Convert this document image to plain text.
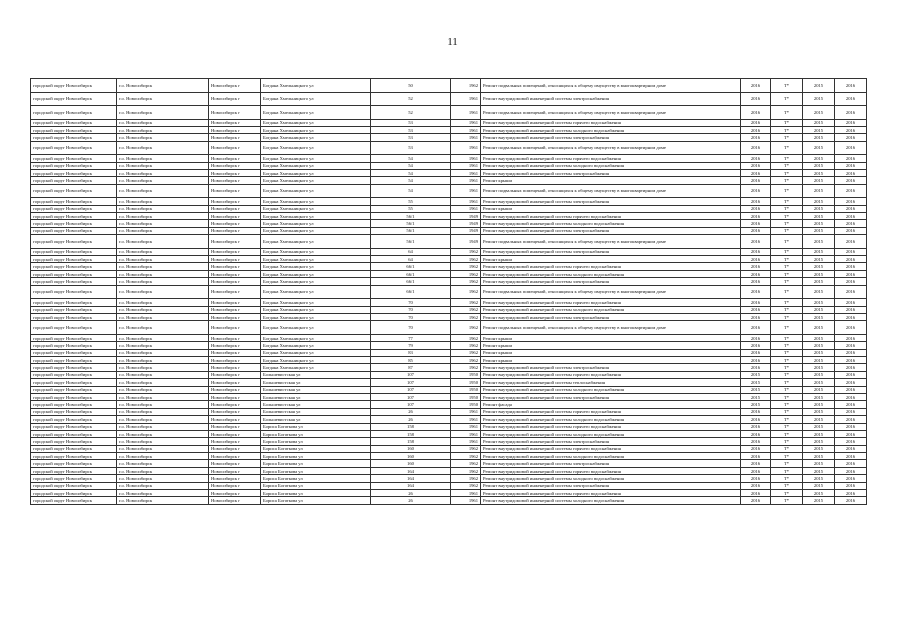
11
городской округ Новосибирск	г.о. Новосибирск	Новосибирск г	Богдана Хмельницкого ул	50	1962	Ремонт подвальных помещений, относящихся к общему имуществу в многоквартирном доме	2016	Т*	2015	2016
городской округ Новосибирск	г.о. Новосибирск	Новосибирск г	Богдана Хмельницкого ул	52	1961	Ремонт внутридомовой инженерной системы электроснабжения	2016	Т*	2015	2016
городской округ Новосибирск	г.о. Новосибирск	Новосибирск г	Богдана Хмельницкого ул	52	1961	Ремонт подвальных помещений, относящихся к общему имуществу в многоквартирном доме	2016	Т*	2015	2016
городской округ Новосибирск	г.о. Новосибирск	Новосибирск г	Богдана Хмельницкого ул	53	1961	Ремонт внутридомовой инженерной системы горячего водоснабжения	2016	Т*	2015	2016
городской округ Новосибирск	г.о. Новосибирск	Новосибирск г	Богдана Хмельницкого ул	53	1961	Ремонт внутридомовой инженерной системы холодного водоснабжения	2016	Т*	2015	2016
городской округ Новосибирск	г.о. Новосибирск	Новосибирск г	Богдана Хмельницкого ул	53	1961	Ремонт внутридомовой инженерной системы электроснабжения	2016	Т*	2015	2016
городской округ Новосибирск	г.о. Новосибирск	Новосибирск г	Богдана Хмельницкого ул	53	1961	Ремонт подвальных помещений, относящихся к общему имуществу в многоквартирном доме	2016	Т*	2015	2016
городской округ Новосибирск	г.о. Новосибирск	Новосибирск г	Богдана Хмельницкого ул	54	1961	Ремонт внутридомовой инженерной системы горячего водоснабжения	2016	Т*	2015	2016
городской округ Новосибирск	г.о. Новосибирск	Новосибирск г	Богдана Хмельницкого ул	54	1961	Ремонт внутридомовой инженерной системы холодного водоснабжения	2016	Т*	2015	2016
городской округ Новосибирск	г.о. Новосибирск	Новосибирск г	Богдана Хмельницкого ул	54	1961	Ремонт внутридомовой инженерной системы электроснабжения	2016	Т*	2015	2016
городской округ Новосибирск	г.о. Новосибирск	Новосибирск г	Богдана Хмельницкого ул	54	1961	Ремонт крыши	2016	Т*	2015	2016
городской округ Новосибирск	г.о. Новосибирск	Новосибирск г	Богдана Хмельницкого ул	54	1961	Ремонт подвальных помещений, относящихся к общему имуществу в многоквартирном доме	2016	Т*	2015	2016
городской округ Новосибирск	г.о. Новосибирск	Новосибирск г	Богдана Хмельницкого ул	55	1961	Ремонт внутридомовой инженерной системы электроснабжения	2016	Т*	2015	2016
городской округ Новосибирск	г.о. Новосибирск	Новосибирск г	Богдана Хмельницкого ул	55	1961	Ремонт крыши	2016	Т*	2015	2016
городской округ Новосибирск	г.о. Новосибирск	Новосибирск г	Богдана Хмельницкого ул	56/1	1949	Ремонт внутридомовой инженерной системы горячего водоснабжения	2016	Т*	2015	2016
городской округ Новосибирск	г.о. Новосибирск	Новосибирск г	Богдана Хмельницкого ул	56/1	1949	Ремонт внутридомовой инженерной системы холодного водоснабжения	2016	Т*	2015	2016
городской округ Новосибирск	г.о. Новосибирск	Новосибирск г	Богдана Хмельницкого ул	56/1	1949	Ремонт внутридомовой инженерной системы электроснабжения	2016	Т*	2015	2016
городской округ Новосибирск	г.о. Новосибирск	Новосибирск г	Богдана Хмельницкого ул	56/1	1949	Ремонт подвальных помещений, относящихся к общему имуществу в многоквартирном доме	2016	Т*	2015	2016
городской округ Новосибирск	г.о. Новосибирск	Новосибирск г	Богдана Хмельницкого ул	64	1962	Ремонт внутридомовой инженерной системы электроснабжения	2016	Т*	2015	2016
городской округ Новосибирск	г.о. Новосибирск	Новосибирск г	Богдана Хмельницкого ул	64	1962	Ремонт крыши	2016	Т*	2015	2016
городской округ Новосибирск	г.о. Новосибирск	Новосибирск г	Богдана Хмельницкого ул	66/1	1962	Ремонт внутридомовой инженерной системы горячего водоснабжения	2016	Т*	2015	2016
городской округ Новосибирск	г.о. Новосибирск	Новосибирск г	Богдана Хмельницкого ул	66/1	1962	Ремонт внутридомовой инженерной системы холодного водоснабжения	2016	Т*	2015	2016
городской округ Новосибирск	г.о. Новосибирск	Новосибирск г	Богдана Хмельницкого ул	66/1	1962	Ремонт внутридомовой инженерной системы электроснабжения	2016	Т*	2015	2016
городской округ Новосибирск	г.о. Новосибирск	Новосибирск г	Богдана Хмельницкого ул	66/1	1962	Ремонт подвальных помещений, относящихся к общему имуществу в многоквартирном доме	2016	Т*	2015	2016
городской округ Новосибирск	г.о. Новосибирск	Новосибирск г	Богдана Хмельницкого ул	70	1962	Ремонт внутридомовой инженерной системы горячего водоснабжения	2016	Т*	2015	2016
городской округ Новосибирск	г.о. Новосибирск	Новосибирск г	Богдана Хмельницкого ул	70	1962	Ремонт внутридомовой инженерной системы холодного водоснабжения	2016	Т*	2015	2016
городской округ Новосибирск	г.о. Новосибирск	Новосибирск г	Богдана Хмельницкого ул	70	1962	Ремонт внутридомовой инженерной системы электроснабжения	2016	Т*	2015	2016
городской округ Новосибирск	г.о. Новосибирск	Новосибирск г	Богдана Хмельницкого ул	70	1962	Ремонт подвальных помещений, относящихся к общему имуществу в многоквартирном доме	2016	Т*	2015	2016
городской округ Новосибирск	г.о. Новосибирск	Новосибирск г	Богдана Хмельницкого ул	77	1962	Ремонт крыши	2016	Т*	2015	2016
городской округ Новосибирск	г.о. Новосибирск	Новосибирск г	Богдана Хмельницкого ул	79	1962	Ремонт крыши	2016	Т*	2015	2016
городской округ Новосибирск	г.о. Новосибирск	Новосибирск г	Богдана Хмельницкого ул	83	1962	Ремонт крыши	2016	Т*	2015	2016
городской округ Новосибирск	г.о. Новосибирск	Новосибирск г	Богдана Хмельницкого ул	85	1962	Ремонт крыши	2016	Т*	2015	2016
городской округ Новосибирск	г.о. Новосибирск	Новосибирск г	Богдана Хмельницкого ул	87	1962	Ремонт внутридомовой инженерной системы электроснабжения	2016	Т*	2015	2016
городской округ Новосибирск	г.о. Новосибирск	Новосибирск г	Большевистская ул	107	1950	Ремонт внутридомовой инженерной системы горячего водоснабжения	2015	Т*	2015	2016
городской округ Новосибирск	г.о. Новосибирск	Новосибирск г	Большевистская ул	107	1950	Ремонт внутридомовой инженерной системы теплоснабжения	2015	Т*	2015	2016
городской округ Новосибирск	г.о. Новосибирск	Новосибирск г	Большевистская ул	107	1950	Ремонт внутридомовой инженерной системы холодного водоснабжения	2015	Т*	2015	2016
городской округ Новосибирск	г.о. Новосибирск	Новосибирск г	Большевистская ул	107	1950	Ремонт внутридомовой инженерной системы электроснабжения	2015	Т*	2015	2016
городской округ Новосибирск	г.о. Новосибирск	Новосибирск г	Большевистская ул	107	1950	Ремонт фасада	2015	Т*	2015	2016
городской округ Новосибирск	г.о. Новосибирск	Новосибирск г	Большевистская ул	26	1961	Ремонт внутридомовой инженерной системы горячего водоснабжения	2016	Т*	2015	2016
городской округ Новосибирск	г.о. Новосибирск	Новосибирск г	Большевистская ул	26	1961	Ремонт внутридомовой инженерной системы холодного водоснабжения	2016	Т*	2015	2016
городской округ Новосибирск	г.о. Новосибирск	Новосибирск г	Бориса Богаткова ул	158	1961	Ремонт внутридомовой инженерной системы горячего водоснабжения	2016	Т*	2015	2016
городской округ Новосибирск	г.о. Новосибирск	Новосибирск г	Бориса Богаткова ул	158	1961	Ремонт внутридомовой инженерной системы холодного водоснабжения	2016	Т*	2015	2016
городской округ Новосибирск	г.о. Новосибирск	Новосибирск г	Бориса Богаткова ул	158	1961	Ремонт внутридомовой инженерной системы электроснабжения	2016	Т*	2015	2016
городской округ Новосибирск	г.о. Новосибирск	Новосибирск г	Бориса Богаткова ул	160	1962	Ремонт внутридомовой инженерной системы горячего водоснабжения	2016	Т*	2015	2016
городской округ Новосибирск	г.о. Новосибирск	Новосибирск г	Бориса Богаткова ул	160	1962	Ремонт внутридомовой инженерной системы холодного водоснабжения	2016	Т*	2015	2016
городской округ Новосибирск	г.о. Новосибирск	Новосибирск г	Бориса Богаткова ул	160	1962	Ремонт внутридомовой инженерной системы электроснабжения	2016	Т*	2015	2016
городской округ Новосибирск	г.о. Новосибирск	Новосибирск г	Бориса Богаткова ул	164	1962	Ремонт внутридомовой инженерной системы горячего водоснабжения	2016	Т*	2015	2016
городской округ Новосибирск	г.о. Новосибирск	Новосибирск г	Бориса Богаткова ул	164	1962	Ремонт внутридомовой инженерной системы холодного водоснабжения	2016	Т*	2015	2016
городской округ Новосибирск	г.о. Новосибирск	Новосибирск г	Бориса Богаткова ул	164	1962	Ремонт внутридомовой инженерной системы электроснабжения	2016	Т*	2015	2016
городской округ Новосибирск	г.о. Новосибирск	Новосибирск г	Бориса Богаткова ул	26	1961	Ремонт внутридомовой инженерной системы горячего водоснабжения	2016	Т*	2015	2016
городской округ Новосибирск	г.о. Новосибирск	Новосибирск г	Бориса Богаткова ул	26	1961	Ремонт внутридомовой инженерной системы холодного водоснабжения	2016	Т*	2015	2016
